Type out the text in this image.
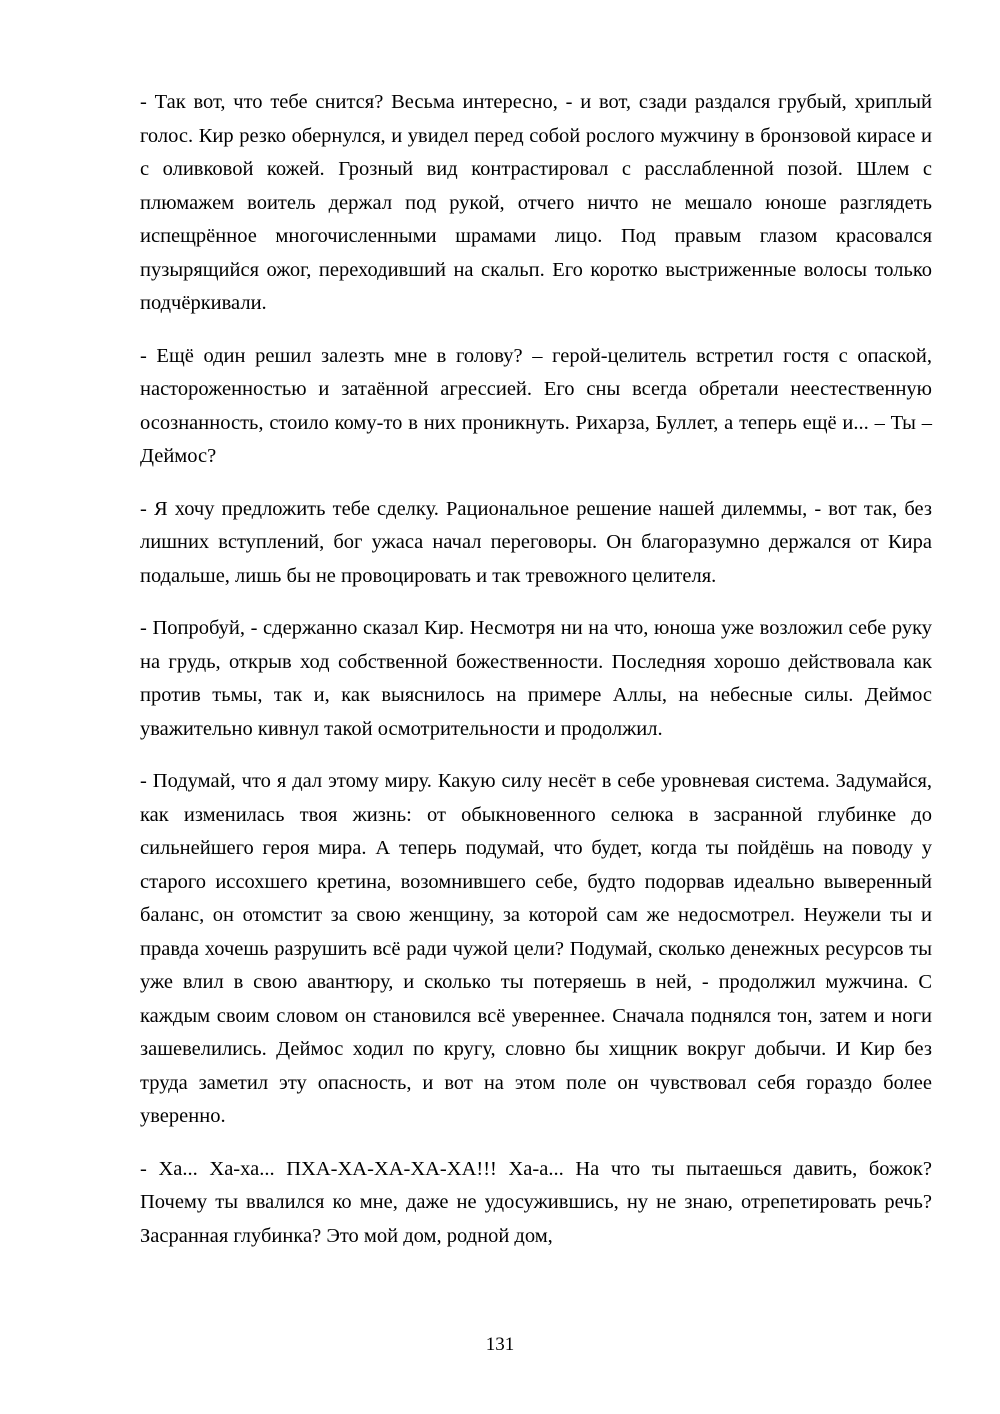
- Так вот, что тебе снится? Весьма интересно, - и вот, сзади раздался грубый, хриплый голос. Кир резко обернулся, и увидел перед собой рослого мужчину в бронзовой кирасе и с оливковой кожей. Грозный вид контрастировал с расслабленной позой. Шлем с плюмажем воитель держал под рукой, отчего ничто не мешало юноше разглядеть испещрённое многочисленными шрамами лицо. Под правым глазом красовался пузырящийся ожог, переходивший на скальп. Его коротко выстриженные волосы только подчёркивали.

- Ещё один решил залезть мне в голову? – герой-целитель встретил гостя с опаской, настороженностью и затаённой агрессией. Его сны всегда обретали неестественную осознанность, стоило кому-то в них проникнуть. Рихарза, Буллет, а теперь ещё и... – Ты – Деймос?

- Я хочу предложить тебе сделку. Рациональное решение нашей дилеммы, - вот так, без лишних вступлений, бог ужаса начал переговоры. Он благоразумно держался от Кира подальше, лишь бы не провоцировать и так тревожного целителя.

- Попробуй, - сдержанно сказал Кир. Несмотря ни на что, юноша уже возложил себе руку на грудь, открыв ход собственной божественности. Последняя хорошо действовала как против тьмы, так и, как выяснилось на примере Аллы, на небесные силы. Деймос уважительно кивнул такой осмотрительности и продолжил.

- Подумай, что я дал этому миру. Какую силу несёт в себе уровневая система. Задумайся, как изменилась твоя жизнь: от обыкновенного селюка в засранной глубинке до сильнейшего героя мира. А теперь подумай, что будет, когда ты пойдёшь на поводу у старого иссохшего кретина, возомнившего себе, будто подорвав идеально выверенный баланс, он отомстит за свою женщину, за которой сам же недосмотрел. Неужели ты и правда хочешь разрушить всё ради чужой цели? Подумай, сколько денежных ресурсов ты уже влил в свою авантюру, и сколько ты потеряешь в ней, - продолжил мужчина. С каждым своим словом он становился всё увереннее. Сначала поднялся тон, затем и ноги зашевелились. Деймос ходил по кругу, словно бы хищник вокруг добычи. И Кир без труда заметил эту опасность, и вот на этом поле он чувствовал себя гораздо более уверенно.

- Ха... Ха-ха... ПХА-ХА-ХА-ХА-ХА!!! Ха-а... На что ты пытаешься давить, божок? Почему ты ввалился ко мне, даже не удосужившись, ну не знаю, отрепетировать речь? Засранная глубинка? Это мой дом, родной дом,

131
